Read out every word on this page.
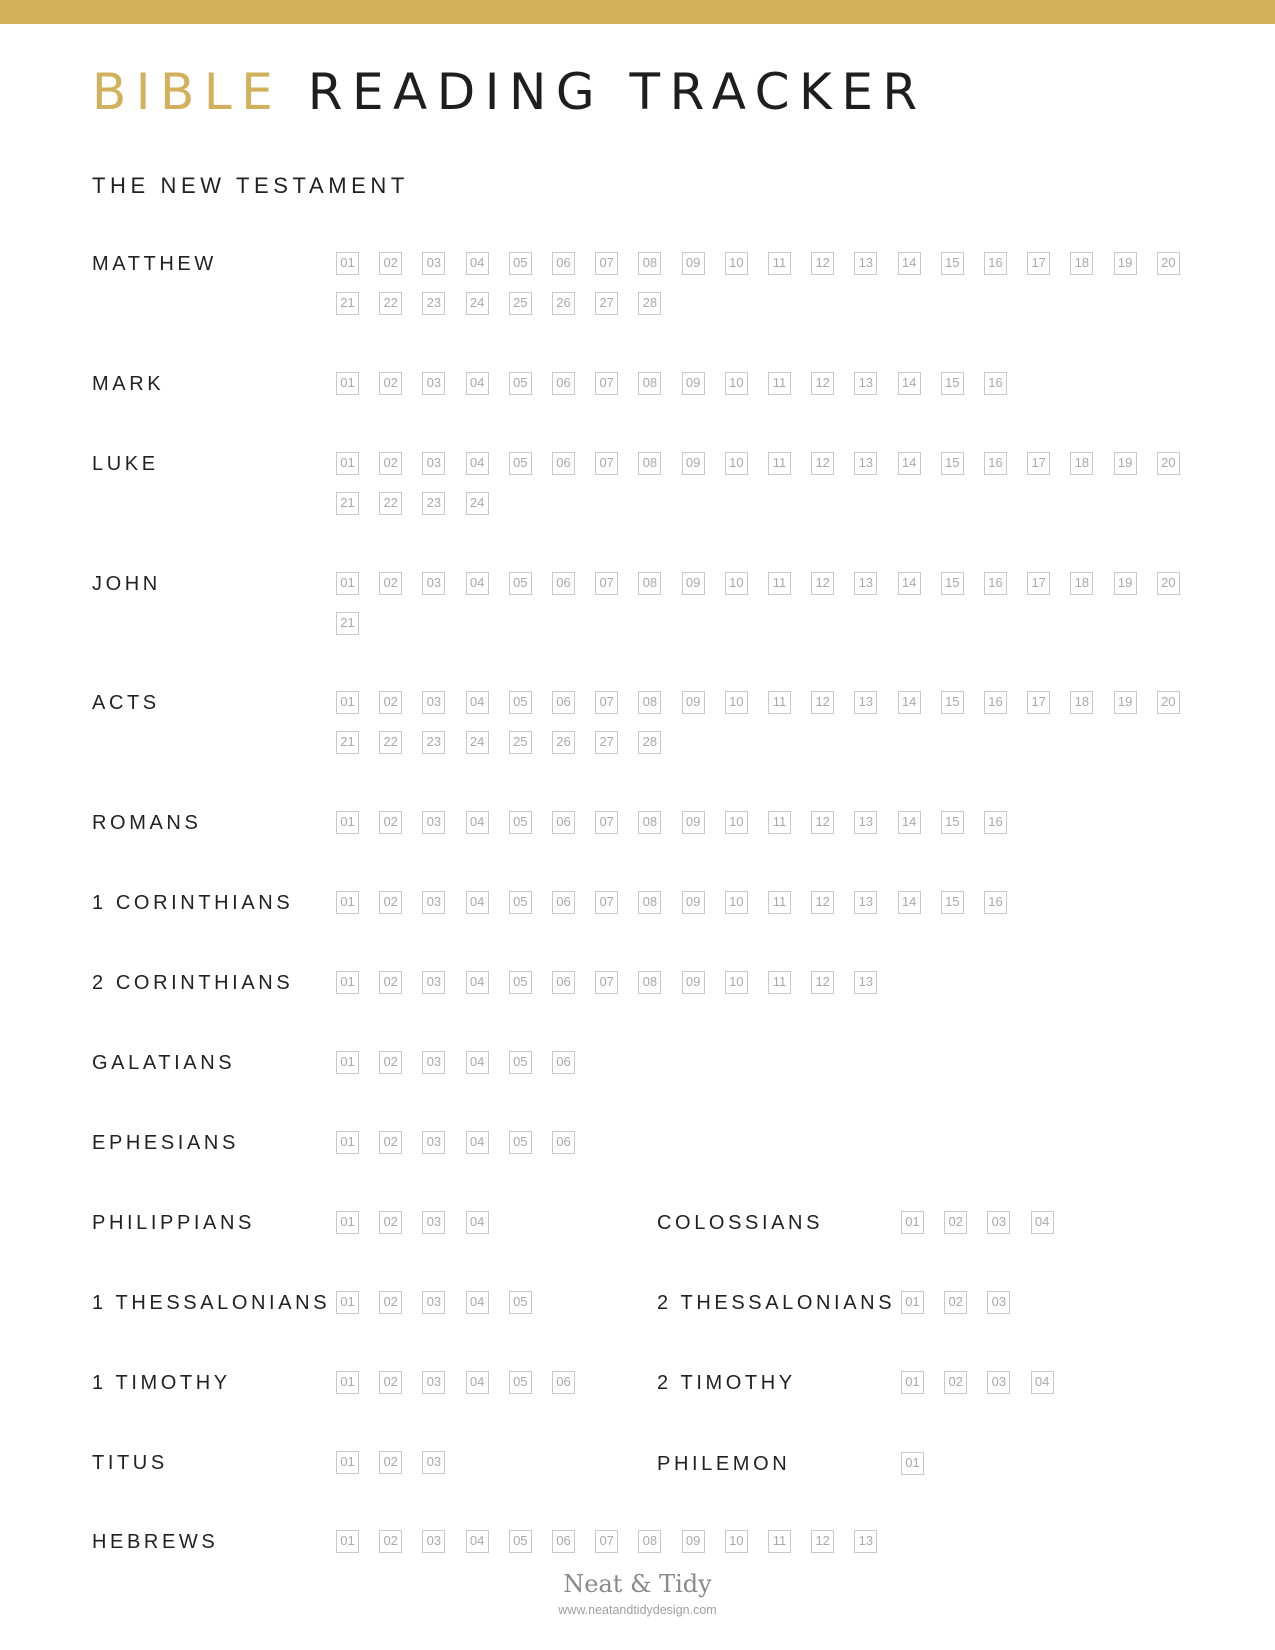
BIBLE READING TRACKER
THE NEW TESTAMENT
MATTHEW	01	02	03	04	05	06	07	08	09	10	11	12	13	14	15	16	17	18	19	20
21	22	23	24	25	26	27	28
MARK	01	02	03	04	05	06	07	08	09	10	11	12	13	14	15	16
LUKE	01	02	03	04	05	06	07	08	09	10	11	12	13	14	15	16	17	18	19	20
21	22	23	24
JOHN	01	02	03	04	05	06	07	08	09	10	11	12	13	14	15	16	17	18	19	20
21
ACTS	01	02	03	04	05	06	07	08	09	10	11	12	13	14	15	16	17	18	19	20
21	22	23	24	25	26	27	28
ROMANS	01	02	03	04	05	06	07	08	09	10	11	12	13	14	15	16
1 CORINTHIANS	01	02	03	04	05	06	07	08	09	10	11	12	13	14	15	16
2 CORINTHIANS	01	02	03	04	05	06	07	08	09	10	11	12	13
GALATIANS	01	02	03	04	05	06
EPHESIANS	01	02	03	04	05	06
PHILIPPIANS	01	02	03	04	COLOSSIANS	01	02	03	04
1 THESSALONIANS 01	02	03	04	05	2 THESSALONIANS 01	02	03
1 TIMOTHY	01	02	03	04	05	06	2 TIMOTHY	01	02	03	04
TITUS	01	02	03	PHILEMON	01
HEBREWS	01	02	03	04	05	06	07	08	09	10	11	12	13
Neat & Tidy
www.neatandtidydesign.com
